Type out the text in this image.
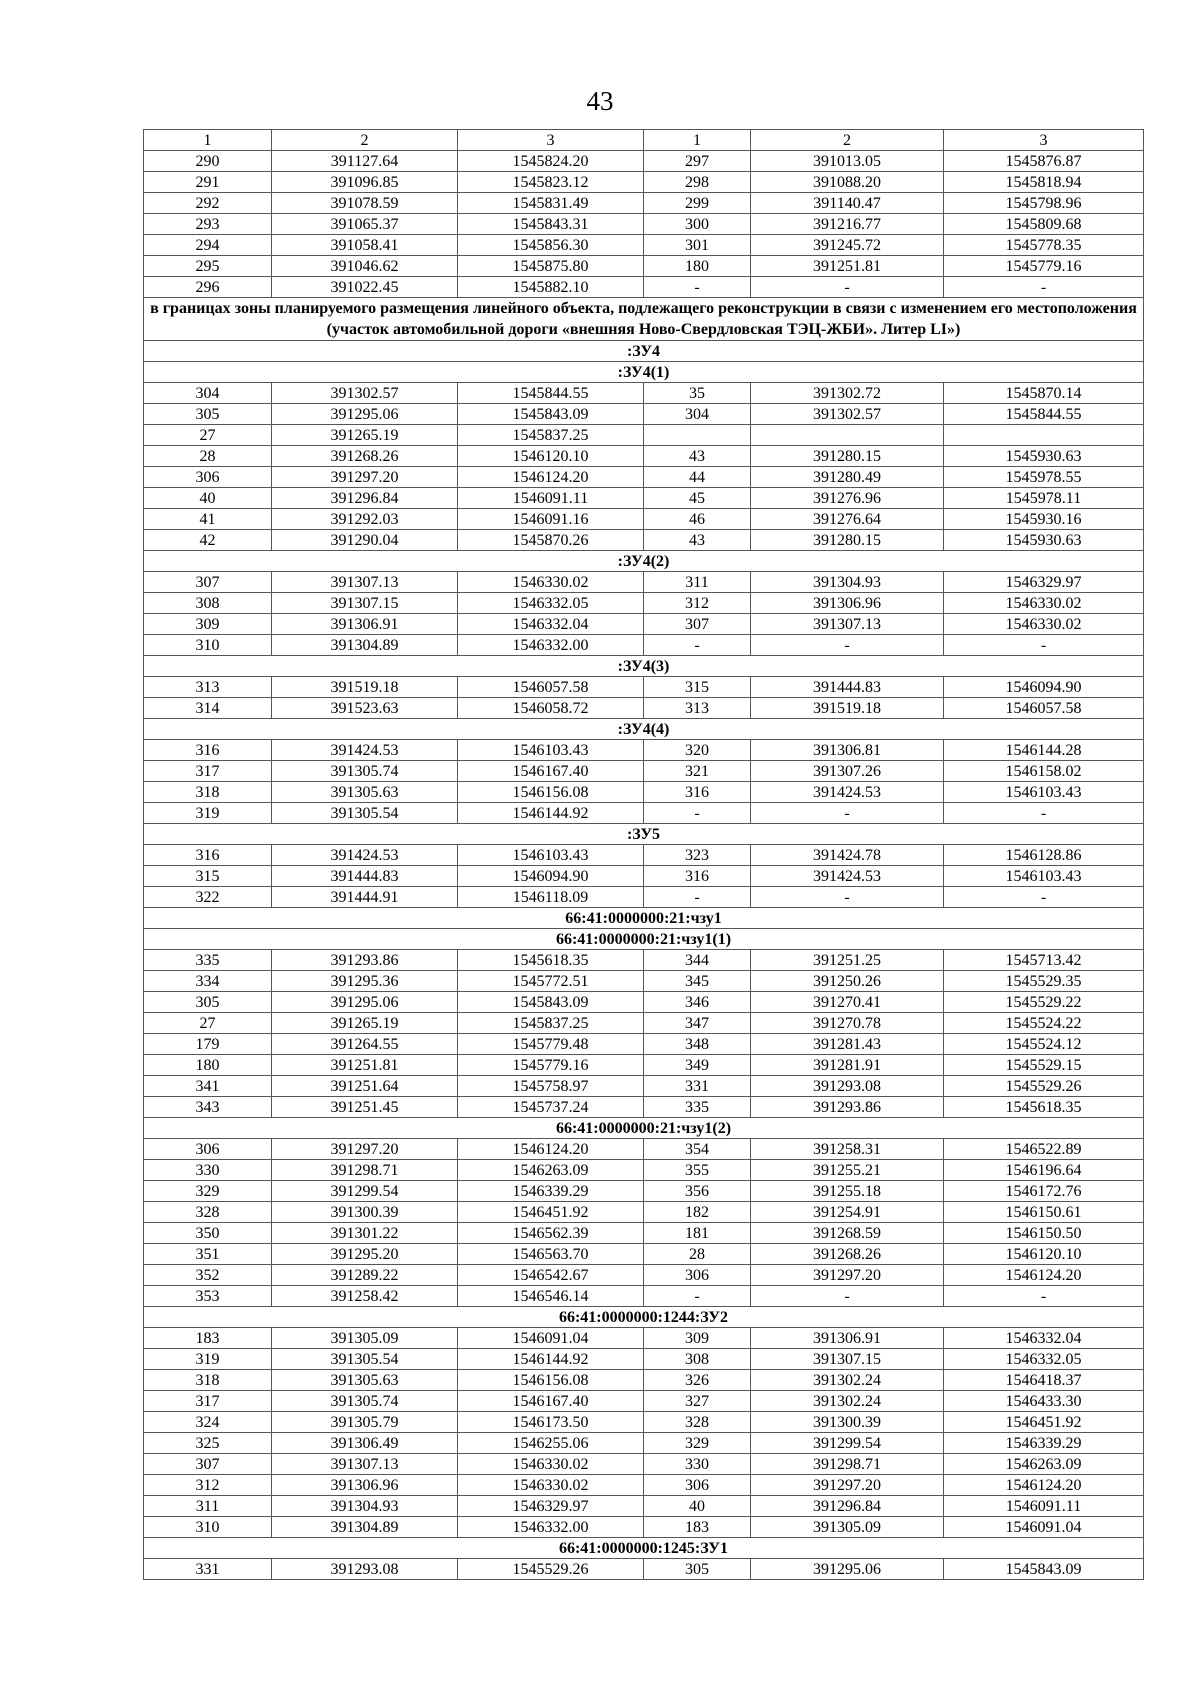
43
1	2	3	1	2	3
290	391127.64	1545824.20	297	391013.05	1545876.87
291	391096.85	1545823.12	298	391088.20	1545818.94
292	391078.59	1545831.49	299	391140.47	1545798.96
293	391065.37	1545843.31	300	391216.77	1545809.68
294	391058.41	1545856.30	301	391245.72	1545778.35
295	391046.62	1545875.80	180	391251.81	1545779.16
296	391022.45	1545882.10	-	-	-
в границах зоны планируемого размещения линейного объекта, подлежащего реконструкции в связи с изменением его местоположения (участок автомобильной дороги «внешняя Ново-Свердловская ТЭЦ-ЖБИ». Литер LI»)					
:ЗУ4					
:ЗУ4(1)					
304	391302.57	1545844.55	35	391302.72	1545870.14
305	391295.06	1545843.09	304	391302.57	1545844.55
27	391265.19	1545837.25			
28	391268.26	1546120.10	43	391280.15	1545930.63
306	391297.20	1546124.20	44	391280.49	1545978.55
40	391296.84	1546091.11	45	391276.96	1545978.11
41	391292.03	1546091.16	46	391276.64	1545930.16
42	391290.04	1545870.26	43	391280.15	1545930.63
:ЗУ4(2)					
307	391307.13	1546330.02	311	391304.93	1546329.97
308	391307.15	1546332.05	312	391306.96	1546330.02
309	391306.91	1546332.04	307	391307.13	1546330.02
310	391304.89	1546332.00	-	-	-
:ЗУ4(3)					
313	391519.18	1546057.58	315	391444.83	1546094.90
314	391523.63	1546058.72	313	391519.18	1546057.58
:ЗУ4(4)					
316	391424.53	1546103.43	320	391306.81	1546144.28
317	391305.74	1546167.40	321	391307.26	1546158.02
318	391305.63	1546156.08	316	391424.53	1546103.43
319	391305.54	1546144.92	-	-	-
:ЗУ5					
316	391424.53	1546103.43	323	391424.78	1546128.86
315	391444.83	1546094.90	316	391424.53	1546103.43
322	391444.91	1546118.09	-	-	-
66:41:0000000:21:чзу1					
66:41:0000000:21:чзу1(1)					
335	391293.86	1545618.35	344	391251.25	1545713.42
334	391295.36	1545772.51	345	391250.26	1545529.35
305	391295.06	1545843.09	346	391270.41	1545529.22
27	391265.19	1545837.25	347	391270.78	1545524.22
179	391264.55	1545779.48	348	391281.43	1545524.12
180	391251.81	1545779.16	349	391281.91	1545529.15
341	391251.64	1545758.97	331	391293.08	1545529.26
343	391251.45	1545737.24	335	391293.86	1545618.35
66:41:0000000:21:чзу1(2)					
306	391297.20	1546124.20	354	391258.31	1546522.89
330	391298.71	1546263.09	355	391255.21	1546196.64
329	391299.54	1546339.29	356	391255.18	1546172.76
328	391300.39	1546451.92	182	391254.91	1546150.61
350	391301.22	1546562.39	181	391268.59	1546150.50
351	391295.20	1546563.70	28	391268.26	1546120.10
352	391289.22	1546542.67	306	391297.20	1546124.20
353	391258.42	1546546.14	-	-	-
66:41:0000000:1244:ЗУ2					
183	391305.09	1546091.04	309	391306.91	1546332.04
319	391305.54	1546144.92	308	391307.15	1546332.05
318	391305.63	1546156.08	326	391302.24	1546418.37
317	391305.74	1546167.40	327	391302.24	1546433.30
324	391305.79	1546173.50	328	391300.39	1546451.92
325	391306.49	1546255.06	329	391299.54	1546339.29
307	391307.13	1546330.02	330	391298.71	1546263.09
312	391306.96	1546330.02	306	391297.20	1546124.20
311	391304.93	1546329.97	40	391296.84	1546091.11
310	391304.89	1546332.00	183	391305.09	1546091.04
66:41:0000000:1245:ЗУ1					
331	391293.08	1545529.26	305	391295.06	1545843.09
